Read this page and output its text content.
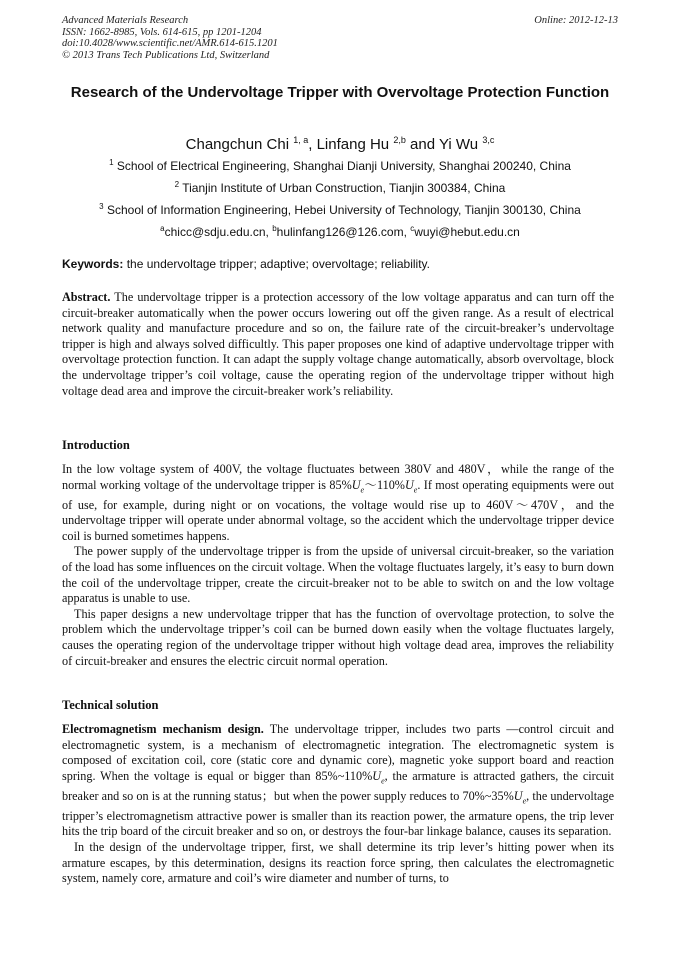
Advanced Materials Research
ISSN: 1662-8985, Vols. 614-615, pp 1201-1204
doi:10.4028/www.scientific.net/AMR.614-615.1201
© 2013 Trans Tech Publications Ltd, Switzerland
Online: 2012-12-13
Research of the Undervoltage Tripper with Overvoltage Protection Function
Changchun Chi $^{1, a}$, Linfang Hu $^{2,b}$ and Yi Wu $^{3,c}$
$^1$ School of Electrical Engineering, Shanghai Dianji University, Shanghai 200240, China
$^2$ Tianjin Institute of Urban Construction, Tianjin 300384, China
$^3$ School of Information Engineering, Hebei University of Technology, Tianjin 300130, China
$^a$chicc@sdju.edu.cn, $^b$hulinfang126@126.com, $^c$wuyi@hebut.edu.cn
Keywords: the undervoltage tripper; adaptive; overvoltage; reliability.

Abstract. The undervoltage tripper is a protection accessory of the low voltage apparatus and can turn off the circuit-breaker automatically when the power occurs lowering out off the given range. As a result of electrical network quality and manufacture procedure and so on, the failure rate of the circuit-breaker’s undervoltage tripper is high and always solved difficultly. This paper proposes one kind of adaptive undervoltage tripper with overvoltage protection function. It can adapt the supply voltage change automatically, absorb overvoltage, block the undervoltage tripper’s coil voltage, cause the operating region of the undervoltage tripper without high voltage dead area and improve the circuit-breaker work’s reliability.

Introduction

In the low voltage system of 400V, the voltage fluctuates between 380V and 480V，while the range of the normal working voltage of the undervoltage tripper is $85\%U_e\sim 110\%U_e$. If most operating equipments were out of use, for example, during night or on vocations, the voltage would rise up to 460V～470V，and the undervoltage tripper will operate under abnormal voltage, so the accident which the undervoltage tripper device coil is burned sometimes happens.

The power supply of the undervoltage tripper is from the upside of universal circuit-breaker, so the variation of the load has some influences on the circuit voltage. When the voltage fluctuates largely, it’s easy to burn down the coil of the undervoltage tripper, create the circuit-breaker not to be able to switch on and the low voltage apparatus is unable to use.

This paper designs a new undervoltage tripper that has the function of overvoltage protection, to solve the problem which the undervoltage tripper’s coil can be burned down easily when the voltage fluctuates largely, causes the operating region of the undervoltage tripper without high voltage dead area, improves the reliability of circuit-breaker and ensures the electric circuit normal operation.

Technical solution

Electromagnetism mechanism design. The undervoltage tripper, includes two parts —control circuit and electromagnetic system, is a mechanism of electromagnetic integration. The electromagnetic system is composed of excitation coil, core (static core and dynamic core), magnetic yoke support board and reaction spring. When the voltage is equal or bigger than $85\%\sim 110\%U_e$, the armature is attracted gathers, the circuit breaker and so on is at the running status；but when the power supply reduces to $70\%\sim 35\%U_e$, the undervoltage tripper’s electromagnetism attractive power is smaller than its reaction power, the armature opens, the trip lever hits the trip board of the circuit breaker and so on, or destroys the four-bar linkage balance, causes its separation.

In the design of the undervoltage tripper, first, we shall determine its trip lever’s hitting power when its armature escapes, by this determination, designs its reaction force spring, then calculates the electromagnetic system, namely core, armature and coil’s wire diameter and number of turns, to
